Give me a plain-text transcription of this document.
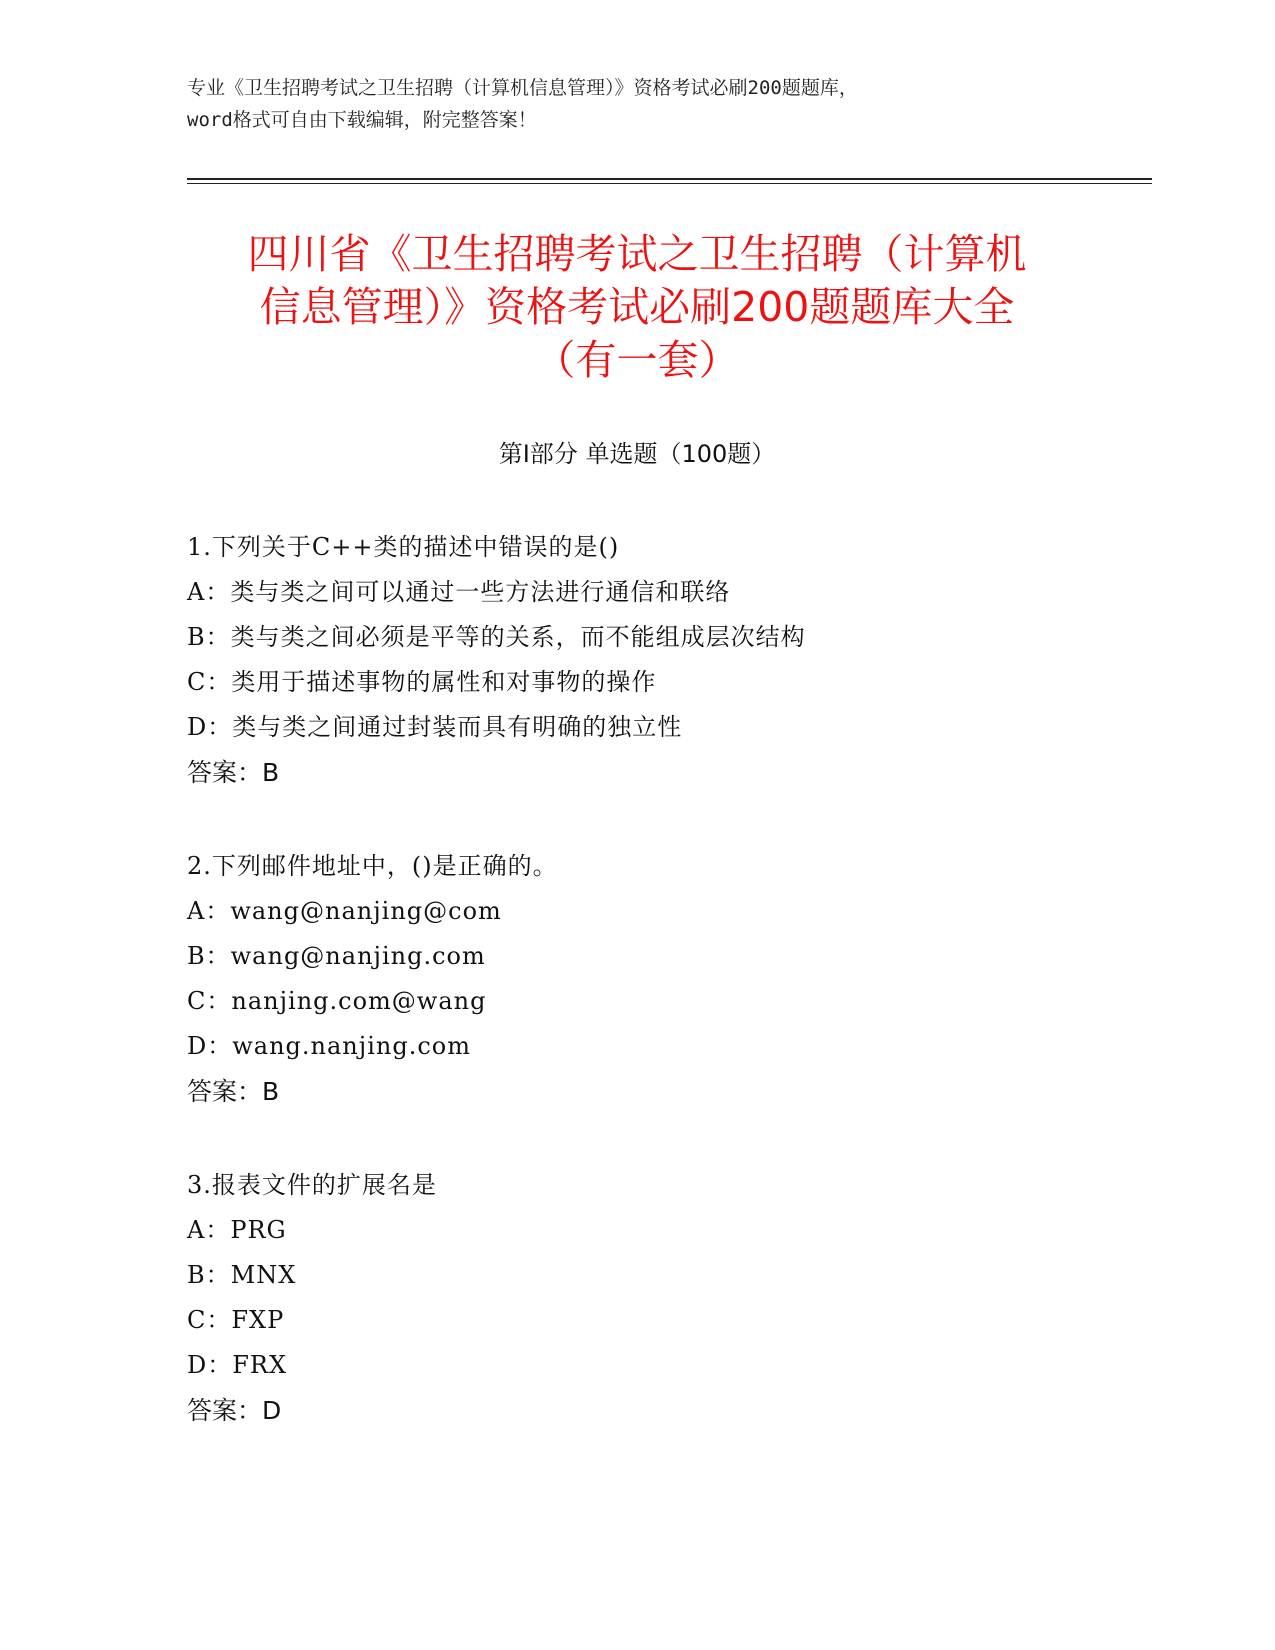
专业《卫生招聘考试之卫生招聘（计算机信息管理）》资格考试必刷200题题库，
word格式可自由下载编辑，附完整答案！
四川省《卫生招聘考试之卫生招聘（计算机
信息管理）》资格考试必刷200题题库大全
（有一套）
第Ⅰ部分 单选题（100题）
1.下列关于C++类的描述中错误的是()
A：类与类之间可以通过一些方法进行通信和联络
B：类与类之间必须是平等的关系，而不能组成层次结构
C：类用于描述事物的属性和对事物的操作
D：类与类之间通过封装而具有明确的独立性
答案：B
2.下列邮件地址中，()是正确的。
A：wang@nanjing@com
B：wang@nanjing.com
C：nanjing.com@wang
D：wang.nanjing.com
答案：B
3.报表文件的扩展名是
A：PRG
B：MNX
C：FXP
D：FRX
答案：D
